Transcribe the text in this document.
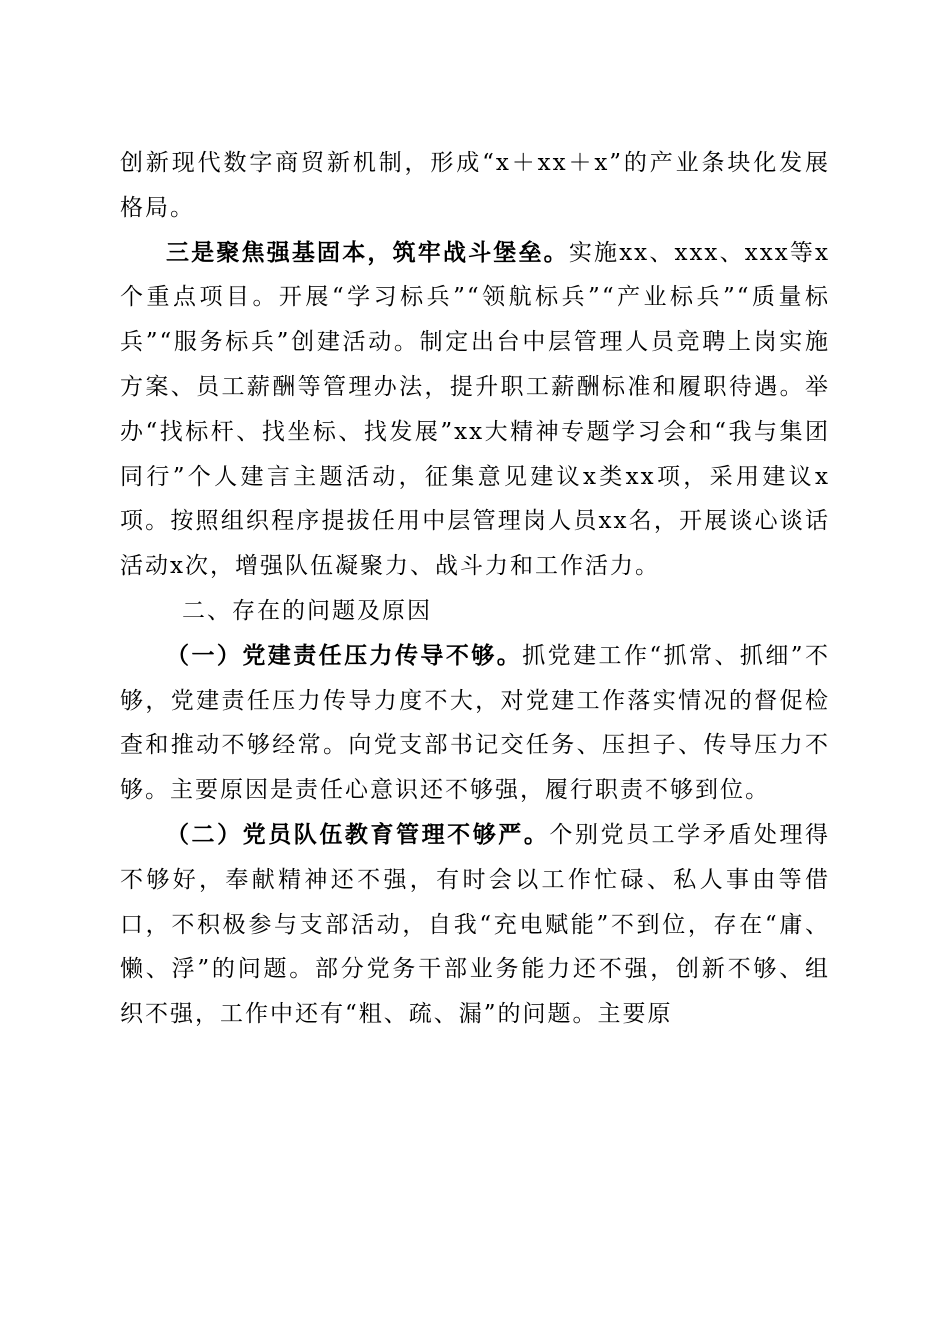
创新现代数字商贸新机制，形成“x＋xx＋x”的产业条块化发展格局。

三是聚焦强基固本，筑牢战斗堡垒。实施xx、xxx、xxx等x个重点项目。开展“学习标兵”“领航标兵”“产业标兵”“质量标兵”“服务标兵”创建活动。制定出台中层管理人员竞聘上岗实施方案、员工薪酬等管理办法，提升职工薪酬标准和履职待遇。举办“找标杆、找坐标、找发展”xx大精神专题学习会和“我与集团同行”个人建言主题活动，征集意见建议x类xx项，采用建议x项。按照组织程序提拔任用中层管理岗人员xx名，开展谈心谈话活动x次，增强队伍凝聚力、战斗力和工作活力。

二、存在的问题及原因

（一）党建责任压力传导不够。抓党建工作“抓常、抓细”不够，党建责任压力传导力度不大，对党建工作落实情况的督促检查和推动不够经常。向党支部书记交任务、压担子、传导压力不够。主要原因是责任心意识还不够强，履行职责不够到位。

（二）党员队伍教育管理不够严。个别党员工学矛盾处理得不够好，奉献精神还不强，有时会以工作忙碌、私人事由等借口，不积极参与支部活动，自我“充电赋能”不到位，存在“庸、懒、浮”的问题。部分党务干部业务能力还不强，创新不够、组织不强，工作中还有“粗、疏、漏”的问题。主要原
